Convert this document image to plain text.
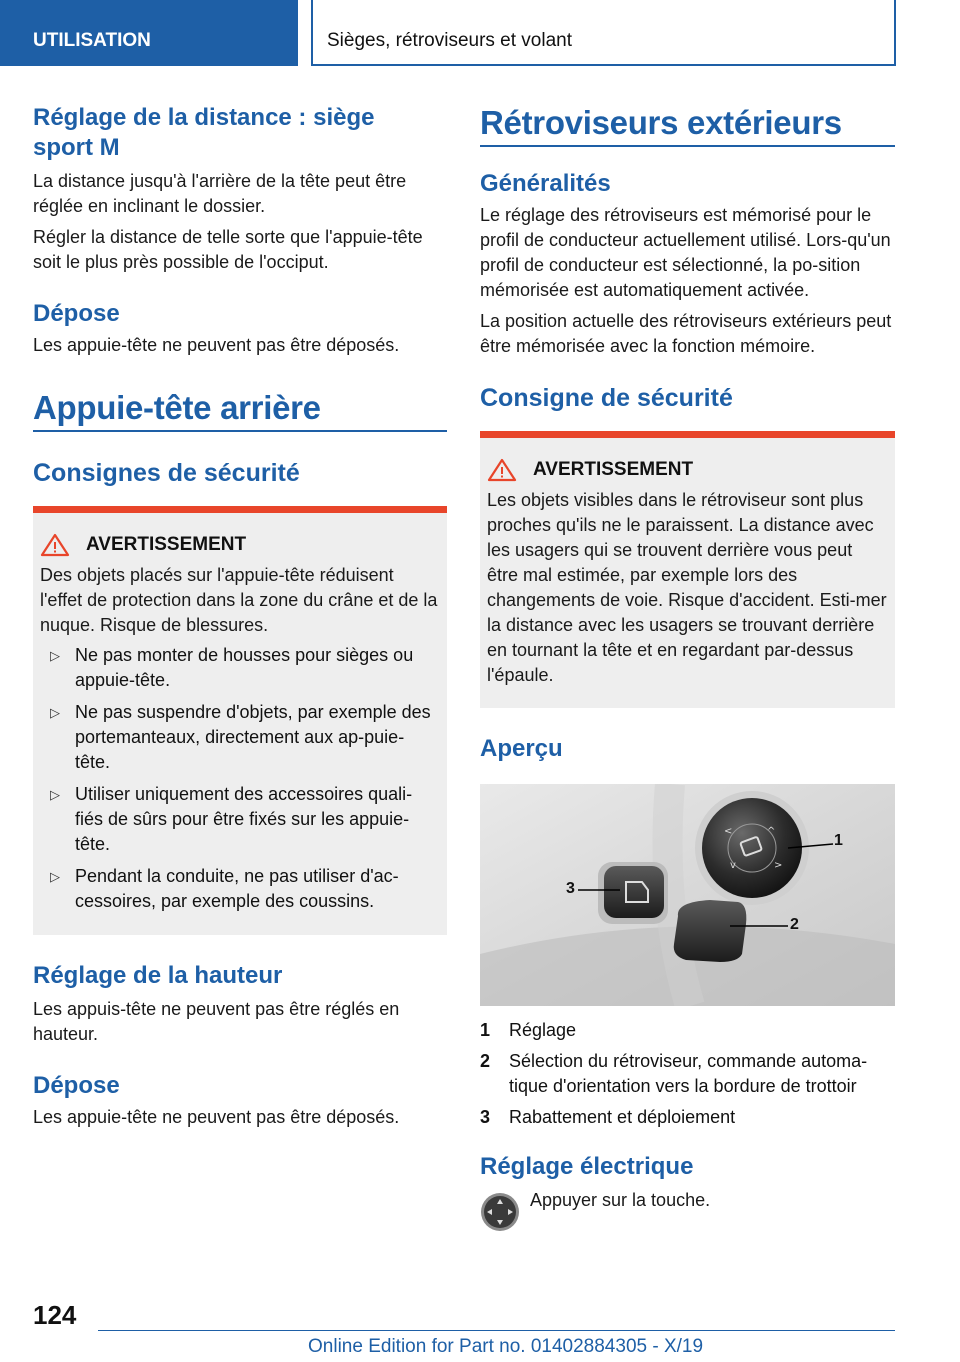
UTILISATION	Sièges, rétroviseurs et volant
Réglage de la distance : siège sport M

La distance jusqu'à l'arrière de la tête peut être réglée en inclinant le dossier.

Régler la distance de telle sorte que l'appuie-tête soit le plus près possible de l'occiput.

Dépose

Les appuie-tête ne peuvent pas être déposés.

Appuie-tête arrière
Consignes de sécurité
AVERTISSEMENT

Des objets placés sur l'appuie-tête réduisent l'effet de protection dans la zone du crâne et de la nuque. Risque de blessures.

▷ Ne pas monter de housses pour sièges ou appuie-tête.
▷ Ne pas suspendre d'objets, par exemple des portemanteaux, directement aux ap-puie-tête.
▷ Utiliser uniquement des accessoires quali-fiés de sûrs pour être fixés sur les appuie-tête.
▷ Pendant la conduite, ne pas utiliser d'ac-cessoires, par exemple des coussins.
Réglage de la hauteur

Les appuis-tête ne peuvent pas être réglés en hauteur.

Dépose

Les appuie-tête ne peuvent pas être déposés.

Rétroviseurs extérieurs
Généralités

Le réglage des rétroviseurs est mémorisé pour le profil de conducteur actuellement utilisé. Lors-qu'un profil de conducteur est sélectionné, la po-sition mémorisée est automatiquement activée.

La position actuelle des rétroviseurs extérieurs peut être mémorisée avec la fonction mémoire.

Consigne de sécurité
AVERTISSEMENT

Les objets visibles dans le rétroviseur sont plus proches qu'ils ne le paraissent. La distance avec les usagers qui se trouvent derrière vous peut être mal estimée, par exemple lors des changements de voie. Risque d'accident. Esti-mer la distance avec les usagers se trouvant derrière en tournant la tête et en regardant par-dessus l'épaule.

Aperçu
<	^
v	>
1
2
3
1	Réglage
2	Sélection du rétroviseur, commande automa-tique d'orientation vers la bordure de trottoir
3	Rabattement et déploiement
Réglage électrique

Appuyer sur la touche.

124
Online Edition for Part no. 01402884305 - X/19
